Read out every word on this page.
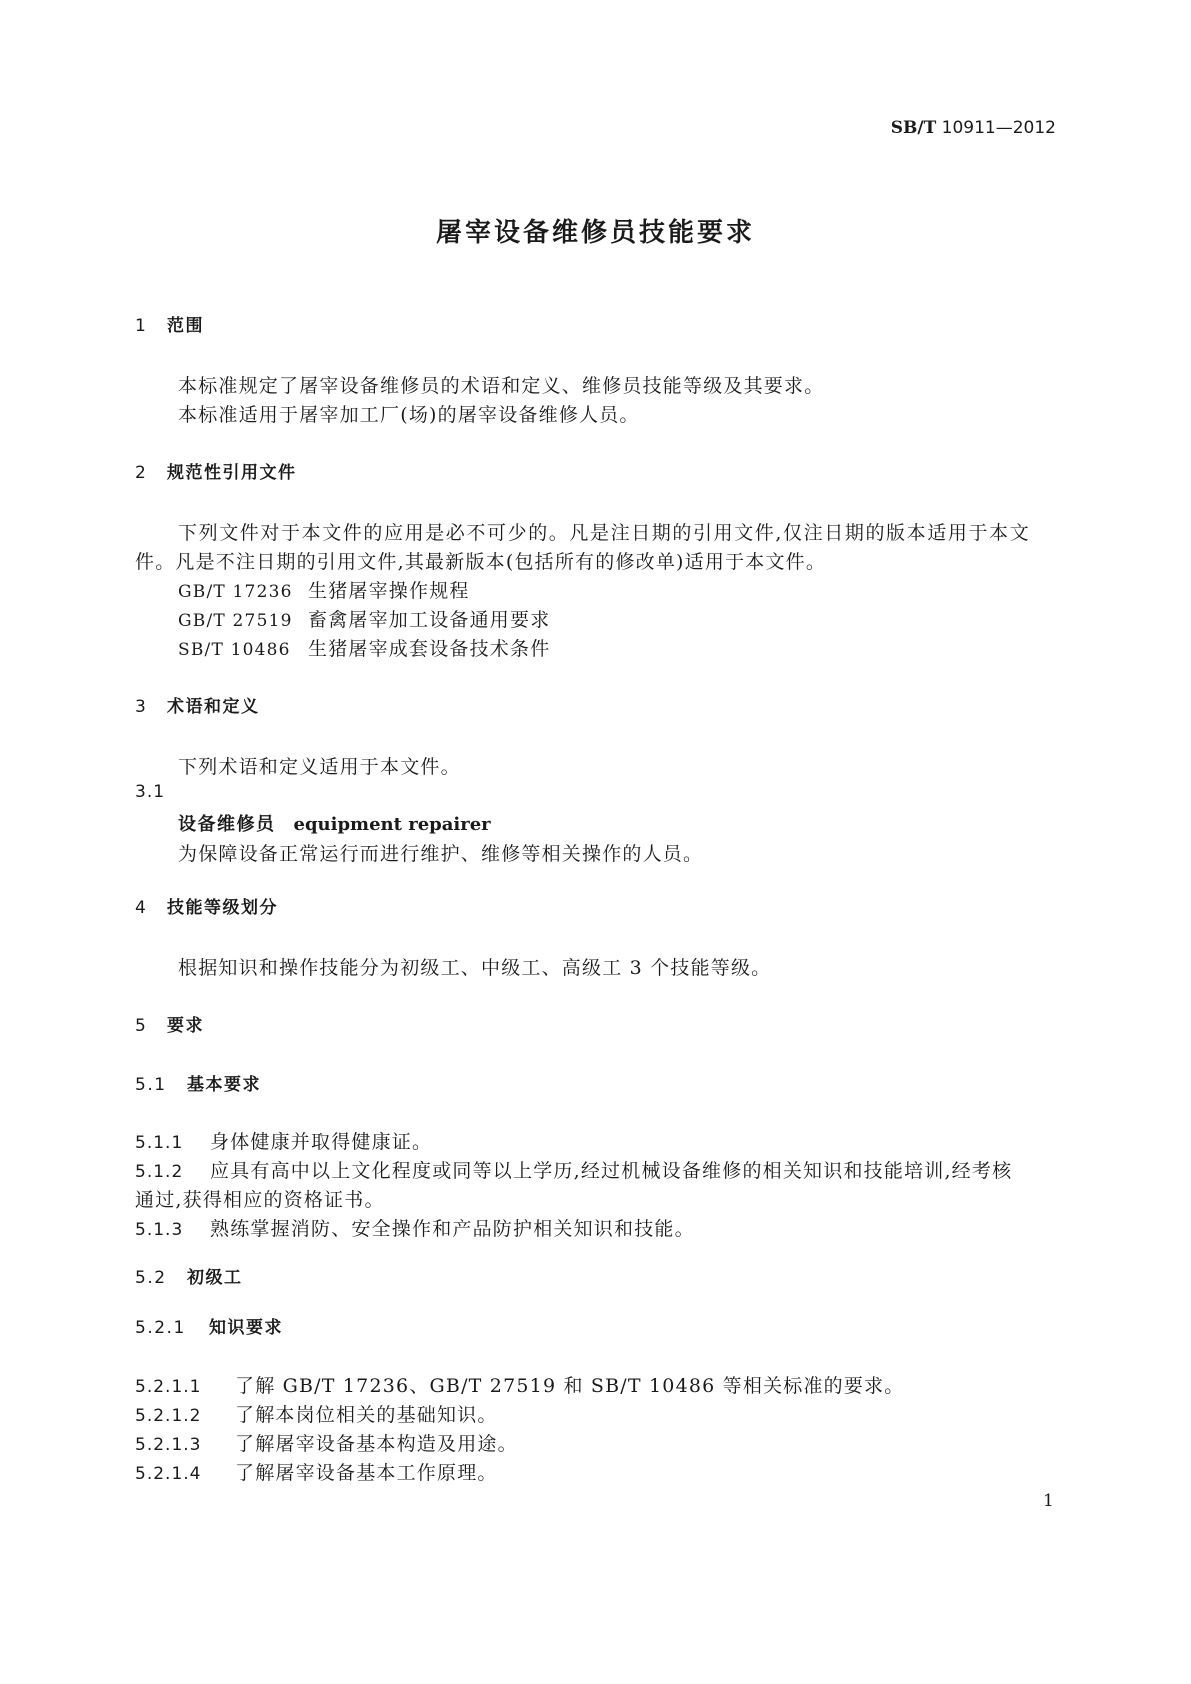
SB/T 10911—2012
屠宰设备维修员技能要求
1 范围
本标准规定了屠宰设备维修员的术语和定义、维修员技能等级及其要求。
本标准适用于屠宰加工厂(场)的屠宰设备维修人员。
2 规范性引用文件
下列文件对于本文件的应用是必不可少的。凡是注日期的引用文件,仅注日期的版本适用于本文
件。凡是不注日期的引用文件,其最新版本(包括所有的修改单)适用于本文件。
GB/T 17236 生猪屠宰操作规程
GB/T 27519 畜禽屠宰加工设备通用要求
SB/T 10486 生猪屠宰成套设备技术条件
3 术语和定义
下列术语和定义适用于本文件。
3.1
设备维修员 equipment repairer
为保障设备正常运行而进行维护、维修等相关操作的人员。
4 技能等级划分
根据知识和操作技能分为初级工、中级工、高级工 3 个技能等级。
5 要求
5.1 基本要求
5.1.1 身体健康并取得健康证。
5.1.2 应具有高中以上文化程度或同等以上学历,经过机械设备维修的相关知识和技能培训,经考核
通过,获得相应的资格证书。
5.1.3 熟练掌握消防、安全操作和产品防护相关知识和技能。
5.2 初级工
5.2.1 知识要求
5.2.1.1 了解 GB/T 17236、GB/T 27519 和 SB/T 10486 等相关标准的要求。
5.2.1.2 了解本岗位相关的基础知识。
5.2.1.3 了解屠宰设备基本构造及用途。
5.2.1.4 了解屠宰设备基本工作原理。
1
